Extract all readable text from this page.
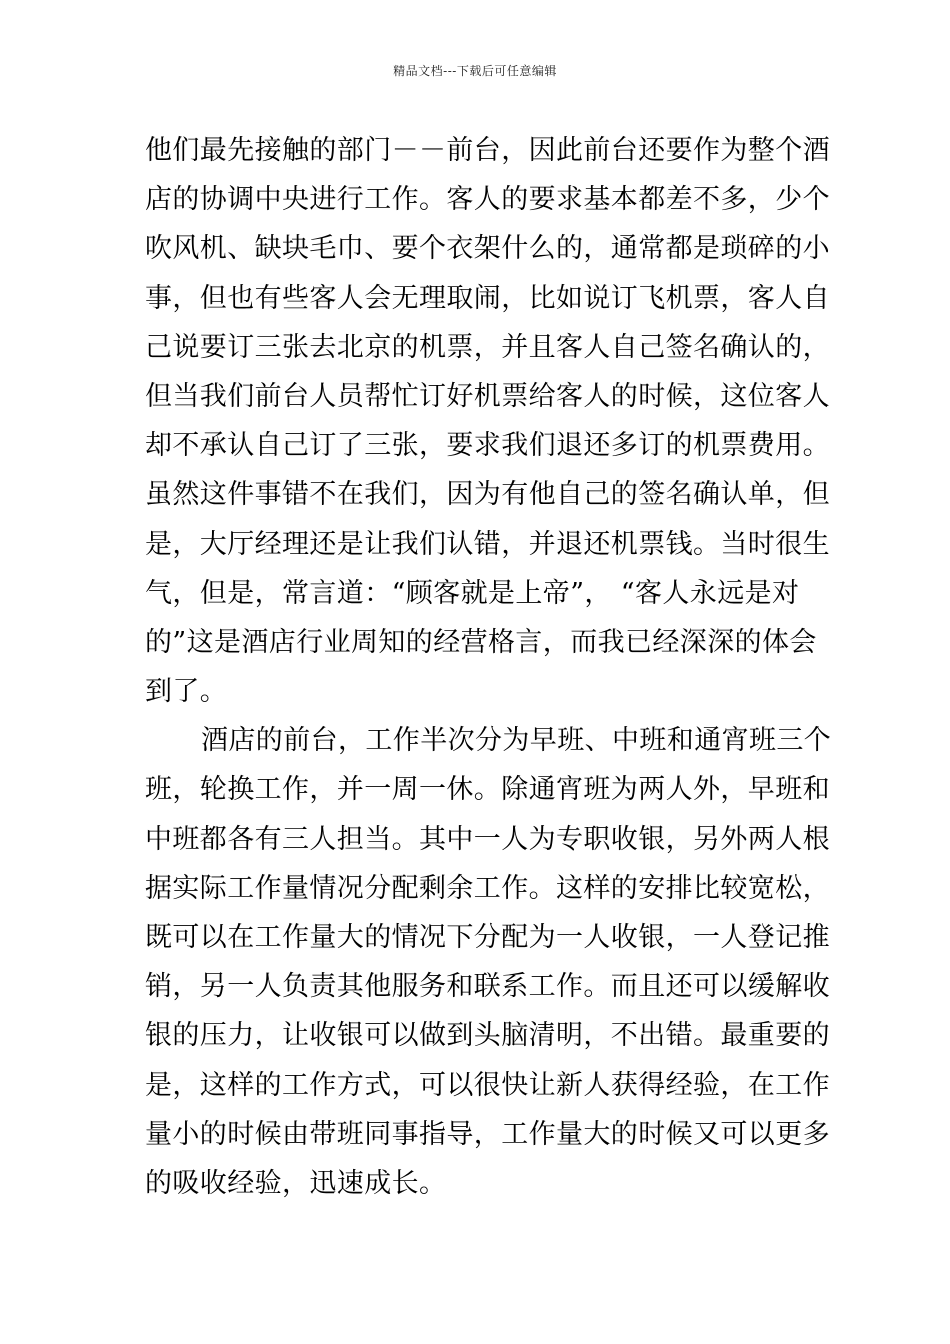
精品文档---下载后可任意编辑
他们最先接触的部门－－前台，因此前台还要作为整个酒
店的协调中央进行工作。客人的要求基本都差不多，少个
吹风机、缺块毛巾、要个衣架什么的，通常都是琐碎的小
事，但也有些客人会无理取闹，比如说订飞机票，客人自
己说要订三张去北京的机票，并且客人自己签名确认的，
但当我们前台人员帮忙订好机票给客人的时候，这位客人
却不承认自己订了三张，要求我们退还多订的机票费用。
虽然这件事错不在我们，因为有他自己的签名确认单，但
是，大厅经理还是让我们认错，并退还机票钱。当时很生
气，但是，常言道：“顾客就是上帝”， “客人永远是对
的”这是酒店行业周知的经营格言，而我已经深深的体会
到了。
酒店的前台，工作半次分为早班、中班和通宵班三个
班，轮换工作，并一周一休。除通宵班为两人外，早班和
中班都各有三人担当。其中一人为专职收银，另外两人根
据实际工作量情况分配剩余工作。这样的安排比较宽松，
既可以在工作量大的情况下分配为一人收银，一人登记推
销，另一人负责其他服务和联系工作。而且还可以缓解收
银的压力，让收银可以做到头脑清明，不出错。最重要的
是，这样的工作方式，可以很快让新人获得经验，在工作
量小的时候由带班同事指导，工作量大的时候又可以更多
的吸收经验，迅速成长。
